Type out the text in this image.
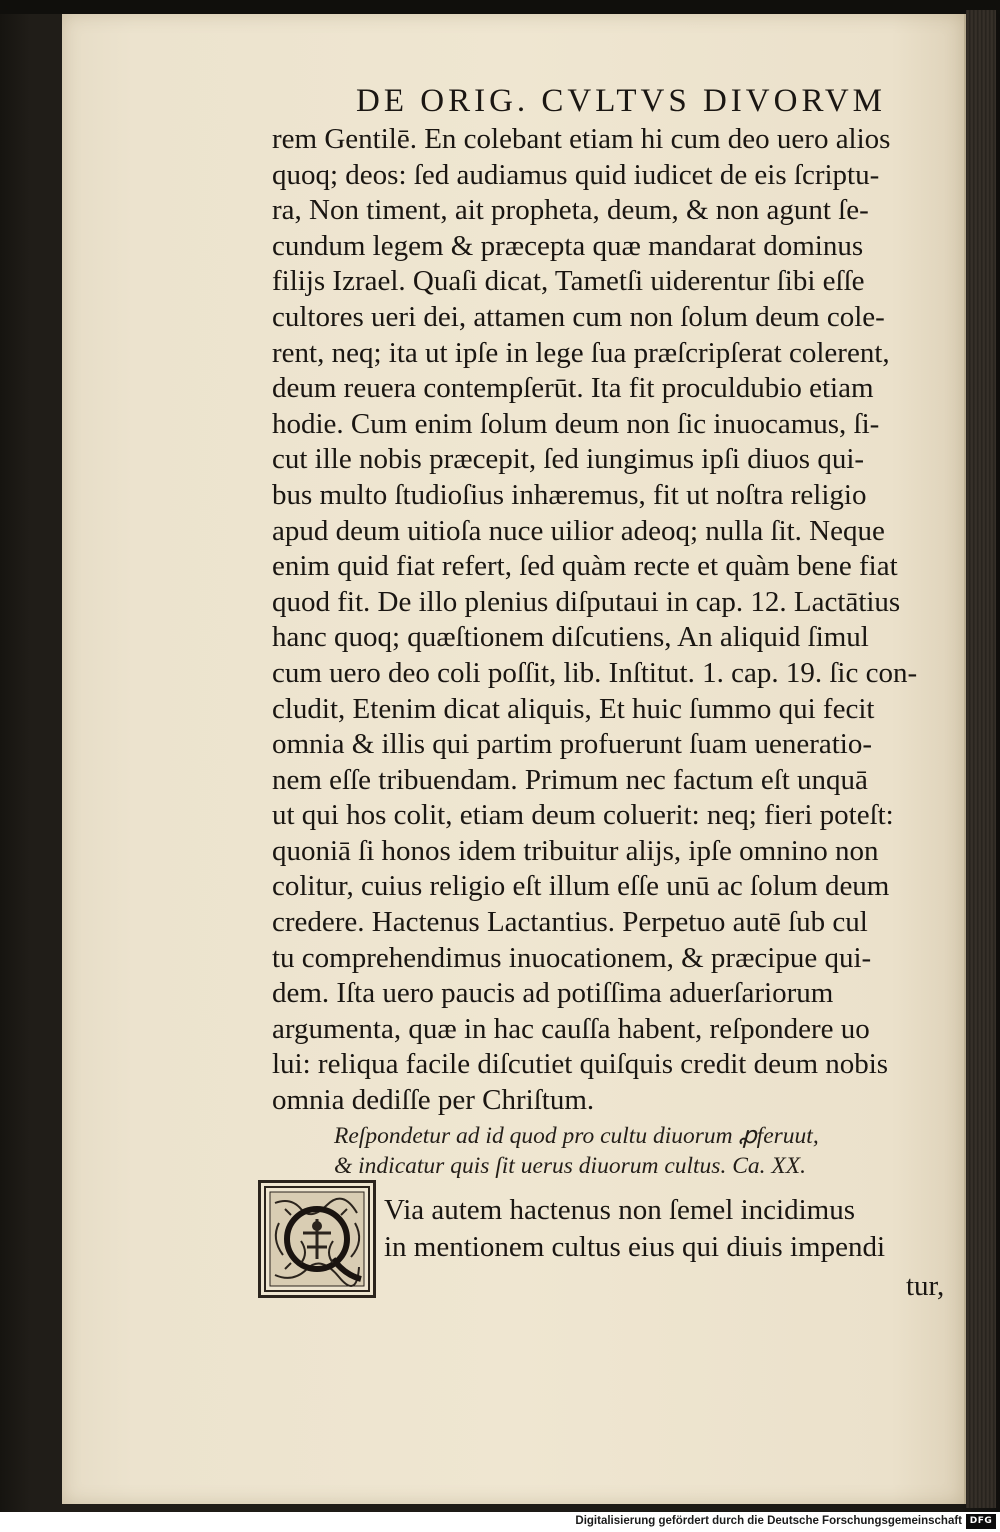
DE ORIG. CVLTVS DIVORVM
rem Gentilē. En colebant etiam hi cum deo uero alios
quoq; deos: ſed audiamus quid iudicet de eis ſcriptu-
ra, Non timent, ait propheta, deum, & non agunt ſe-
cundum legem & præcepta quæ mandarat dominus
filijs Izrael. Quaſi dicat, Tametſi uiderentur ſibi eſſe
cultores ueri dei, attamen cum non ſolum deum cole-
rent, neq; ita ut ipſe in lege ſua præſcripſerat colerent,
deum reuera contempſerūt. Ita fit proculdubio etiam
hodie. Cum enim ſolum deum non ſic inuocamus, ſi-
cut ille nobis præcepit, ſed iungimus ipſi diuos qui-
bus multo ſtudioſius inhæremus, fit ut noſtra religio
apud deum uitioſa nuce uilior adeoq; nulla ſit. Neque
enim quid fiat refert, ſed quàm recte et quàm bene fiat
quod fit. De illo plenius diſputaui in cap. 12. Lactātius
hanc quoq; quæſtionem diſcutiens, An aliquid ſimul
cum uero deo coli poſſit, lib. Inſtitut. 1. cap. 19. ſic con-
cludit, Etenim dicat aliquis, Et huic ſummo qui fecit
omnia & illis qui partim profuerunt ſuam ueneratio-
nem eſſe tribuendam. Primum nec factum eſt unquā
ut qui hos colit, etiam deum coluerit: neq; fieri poteſt:
quoniā ſi honos idem tribuitur alijs, ipſe omnino non
colitur, cuius religio eſt illum eſſe unū ac ſolum deum
credere. Hactenus Lactantius. Perpetuo autē ſub cul
tu comprehendimus inuocationem, & præcipue qui-
dem. Iſta uero paucis ad potiſſima aduerſariorum
argumenta, quæ in hac cauſſa habent, reſpondere uo
lui: reliqua facile diſcutiet quiſquis credit deum nobis
omnia dediſſe per Chriſtum.
Reſpondetur ad id quod pro cultu diuorum ꝓferuut,
& indicatur quis ſit uerus diuorum cultus. Ca. XX.
Via autem hactenus non ſemel incidimus
in mentionem cultus eius qui diuis impendi
tur,
Digitalisierung gefördert durch die Deutsche Forschungsgemeinschaft DFG
